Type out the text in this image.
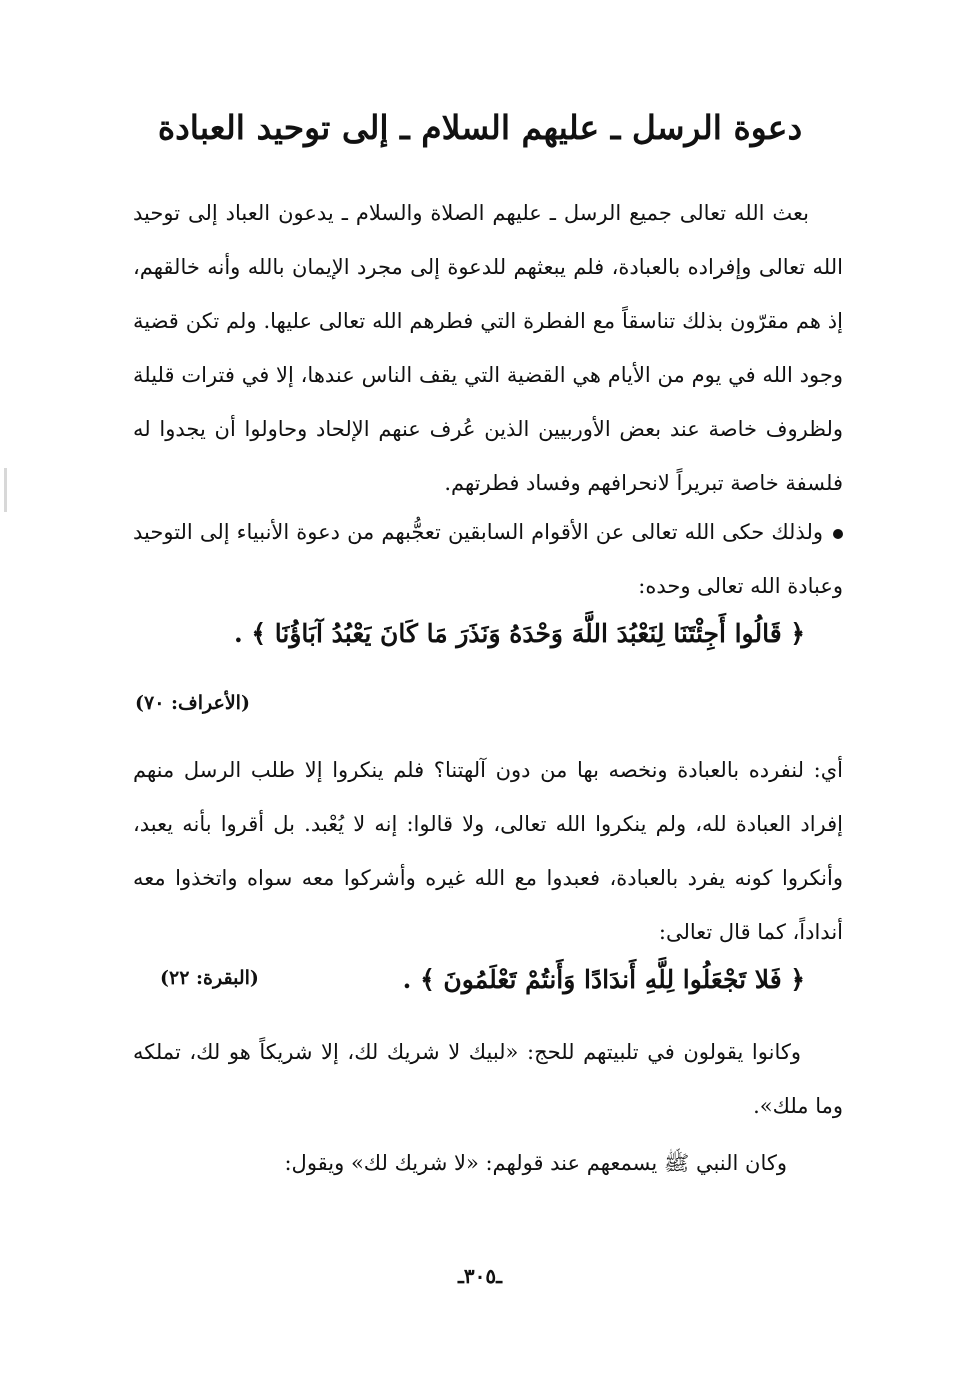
دعوة الرسل ـ عليهم السلام ـ إلى توحيد العبادة

بعث الله تعالى جميع الرسل ـ عليهم الصلاة والسلام ـ يدعون العباد إلى توحيد الله تعالى وإفراده بالعبادة، فلم يبعثهم للدعوة إلى مجرد الإيمان بالله وأنه خالقهم، إذ هم مقرّون بذلك تناسقاً مع الفطرة التي فطرهم الله تعالى عليها. ولم تكن قضية وجود الله في يوم من الأيام هي القضية التي يقف الناس عندها، إلا في فترات قليلة ولظروف خاصة عند بعض الأوربيين الذين عُرف عنهم الإلحاد وحاولوا أن يجدوا له فلسفة خاصة تبريراً لانحرافهم وفساد فطرتهم.

ولذلك حكى الله تعالى عن الأقوام السابقين تعجُّبهم من دعوة الأنبياء إلى التوحيد وعبادة الله تعالى وحده:

﴿ قَالُوا أَجِئْتَنَا لِنَعْبُدَ اللَّهَ وَحْدَهُ وَنَذَرَ مَا كَانَ يَعْبُدُ آبَاؤُنَا ﴾ .
(الأعراف: ٧٠)

أي: لنفرده بالعبادة ونخصه بها من دون آلهتنا؟ فلم ينكروا إلا طلب الرسل منهم إفراد العبادة لله، ولم ينكروا الله تعالى، ولا قالوا: إنه لا يُعْبد. بل أقروا بأنه يعبد، وأنكروا كونه يفرد بالعبادة، فعبدوا مع الله غيره وأشركوا معه سواه واتخذوا معه أنداداً، كما قال تعالى:

﴿ فَلا تَجْعَلُوا لِلَّهِ أَندَادًا وَأَنتُمْ تَعْلَمُونَ ﴾ .
(البقرة: ٢٢)

وكانوا يقولون في تلبيتهم للحج: «لبيك لا شريك لك، إلا شريكاً هو لك، تملكه وما ملك».

وكان النبي ﷺ يسمعهم عند قولهم: «لا شريك لك» ويقول:

ـ٣٠٥ـ
